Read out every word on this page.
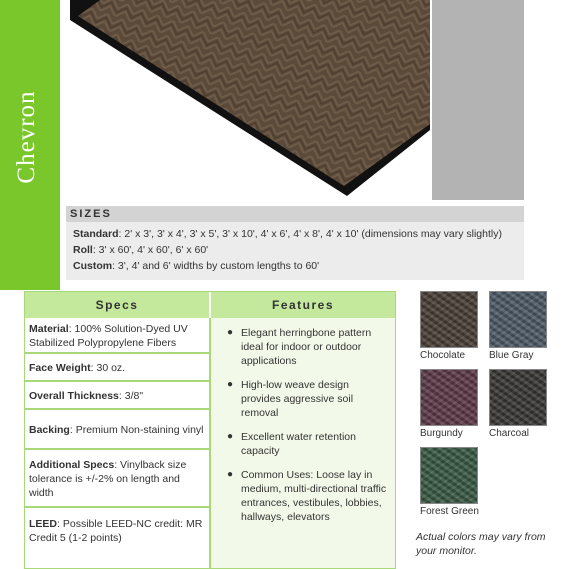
Chevron
SIZES
Standard: 2' x 3', 3' x 4', 3' x 5', 3' x 10', 4' x 6', 4' x 8', 4' x 10' (dimensions may vary slightly)
Roll: 3' x 60', 4' x 60', 6' x 60'
Custom: 3', 4' and 6' widths by custom lengths to 60'
Specs	Features
Material: 100% Solution-Dyed UV Stabilized Polypropylene Fibers
Face Weight: 30 oz.
Overall Thickness: 3/8"
Backing: Premium Non-staining vinyl
Additional Specs: Vinylback size tolerance is +/-2% on length and width
LEED: Possible LEED-NC credit: MR Credit 5 (1-2 points)
● Elegant herringbone pattern ideal for indoor or outdoor applications
● High-low weave design provides aggressive soil removal
● Excellent water retention capacity
● Common Uses: Loose lay in medium, multi-directional traffic entrances, vestibules, lobbies, hallways, elevators
Chocolate	Blue Gray
Burgundy	Charcoal
Forest Green
Actual colors may vary from your monitor.
